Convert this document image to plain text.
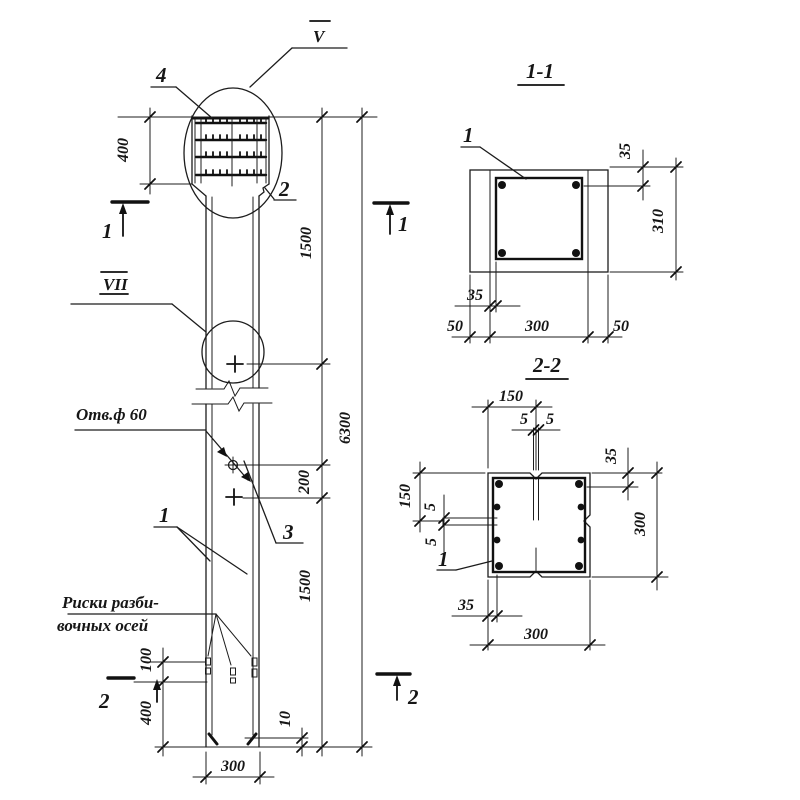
V
VII
4
2
1
3
Отв.ф 60
Риски разби-
вочных осей
1	1
2	2
400
1500
6300
200
1500
100
400	10
300
1-1
1
35
310
35
50	300	50
2-2
1
150
5 5
35
300
150 5
5
35
300
